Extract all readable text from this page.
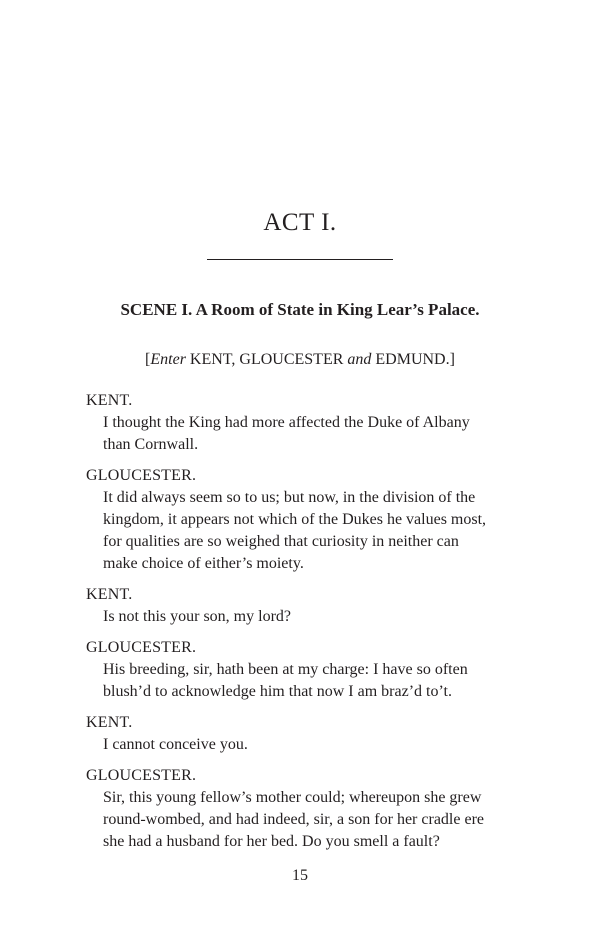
ACT I.
SCENE I. A Room of State in King Lear’s Palace.
[Enter KENT, GLOUCESTER and EDMUND.]
KENT.
I thought the King had more affected the Duke of Albany
than Cornwall.
GLOUCESTER.
It did always seem so to us; but now, in the division of the
kingdom, it appears not which of the Dukes he values most,
for qualities are so weighed that curiosity in neither can
make choice of either’s moiety.
KENT.
Is not this your son, my lord?
GLOUCESTER.
His breeding, sir, hath been at my charge: I have so often
blush’d to acknowledge him that now I am braz’d to’t.
KENT.
I cannot conceive you.
GLOUCESTER.
Sir, this young fellow’s mother could; whereupon she grew
round-wombed, and had indeed, sir, a son for her cradle ere
she had a husband for her bed. Do you smell a fault?
15
